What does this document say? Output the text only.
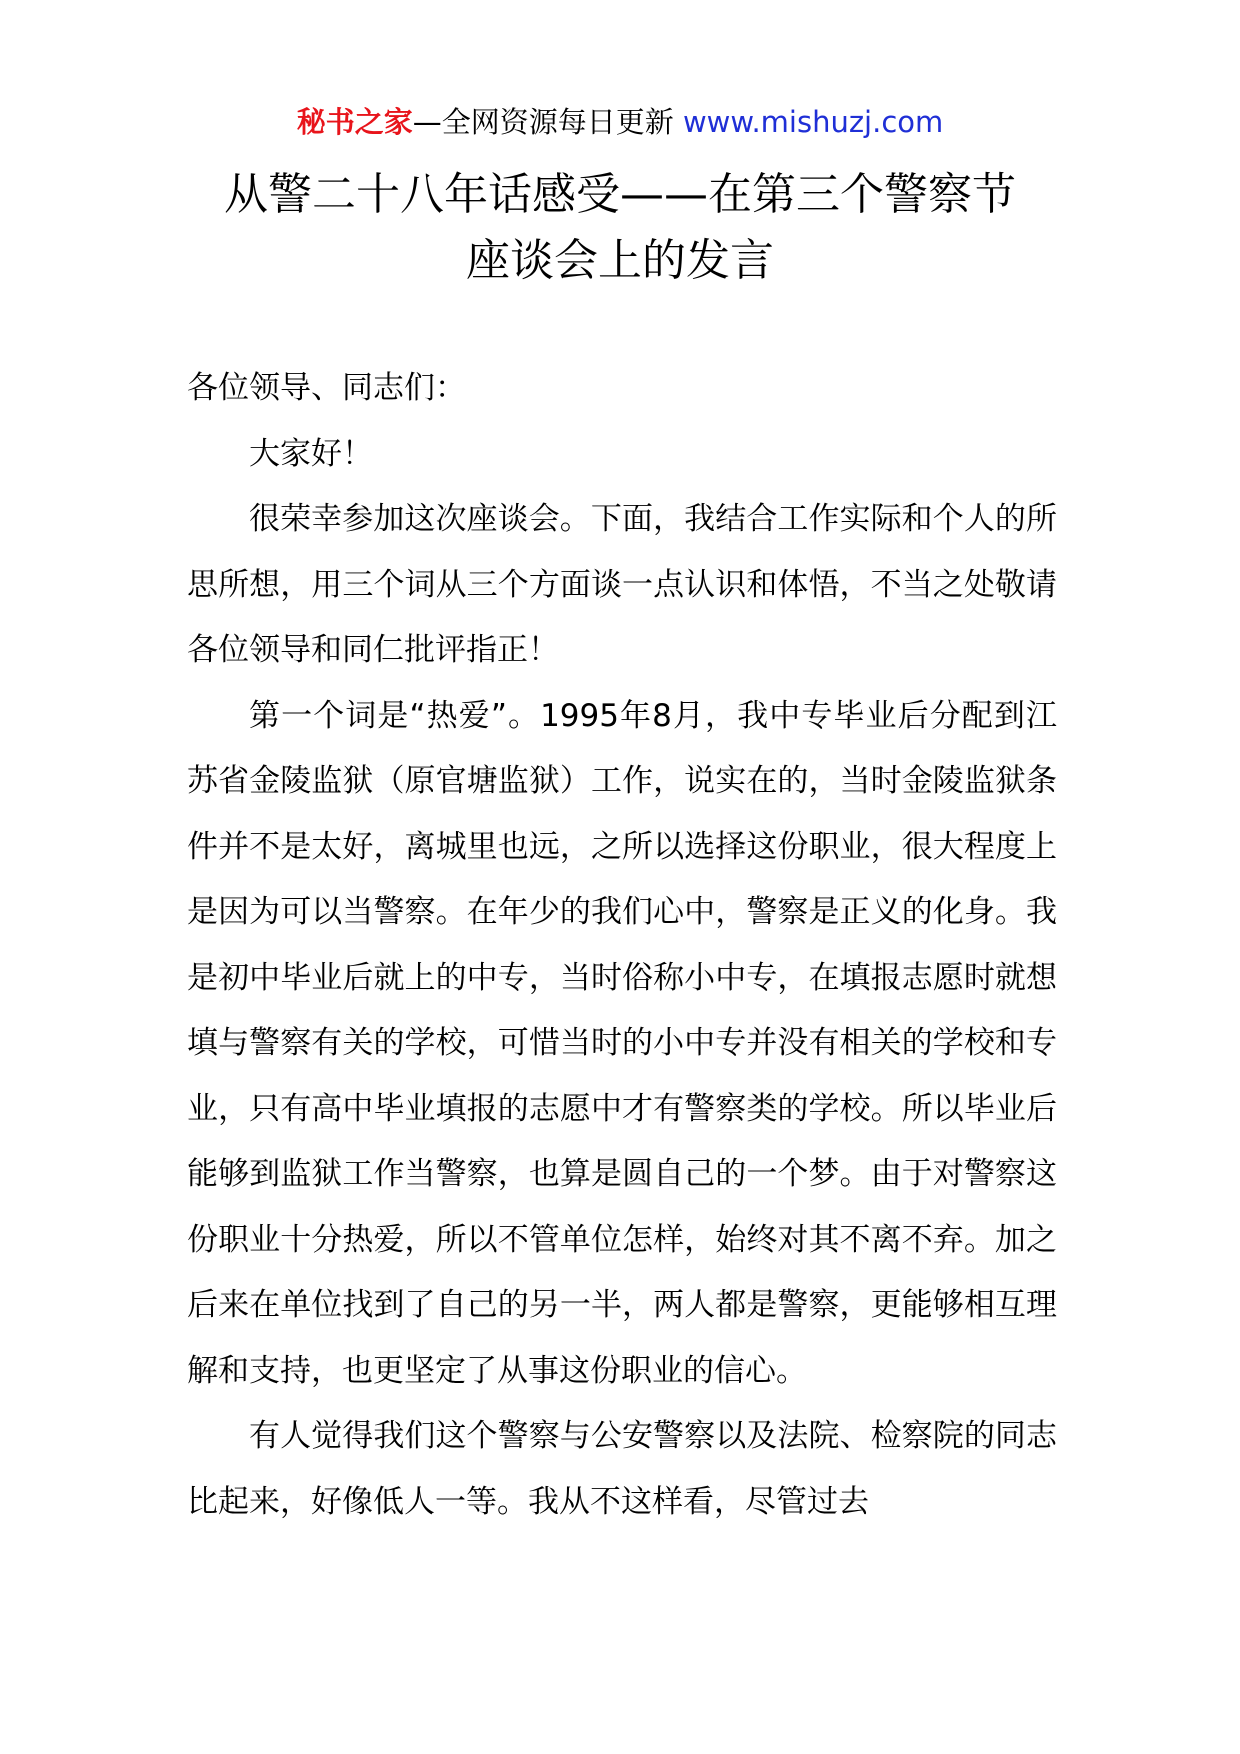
秘书之家—全网资源每日更新 www.mishuzj.com
从警二十八年话感受——在第三个警察节
座谈会上的发言

各位领导、同志们：

大家好！

很荣幸参加这次座谈会。下面，我结合工作实际和个人的所思所想，用三个词从三个方面谈一点认识和体悟，不当之处敬请各位领导和同仁批评指正！

第一个词是“热爱”。1995年8月，我中专毕业后分配到江苏省金陵监狱（原官塘监狱）工作，说实在的，当时金陵监狱条件并不是太好，离城里也远，之所以选择这份职业，很大程度上是因为可以当警察。在年少的我们心中，警察是正义的化身。我是初中毕业后就上的中专，当时俗称小中专，在填报志愿时就想填与警察有关的学校，可惜当时的小中专并没有相关的学校和专业，只有高中毕业填报的志愿中才有警察类的学校。所以毕业后能够到监狱工作当警察，也算是圆自己的一个梦。由于对警察这份职业十分热爱，所以不管单位怎样，始终对其不离不弃。加之后来在单位找到了自己的另一半，两人都是警察，更能够相互理解和支持，也更坚定了从事这份职业的信心。

有人觉得我们这个警察与公安警察以及法院、检察院的同志比起来，好像低人一等。我从不这样看，尽管过去
